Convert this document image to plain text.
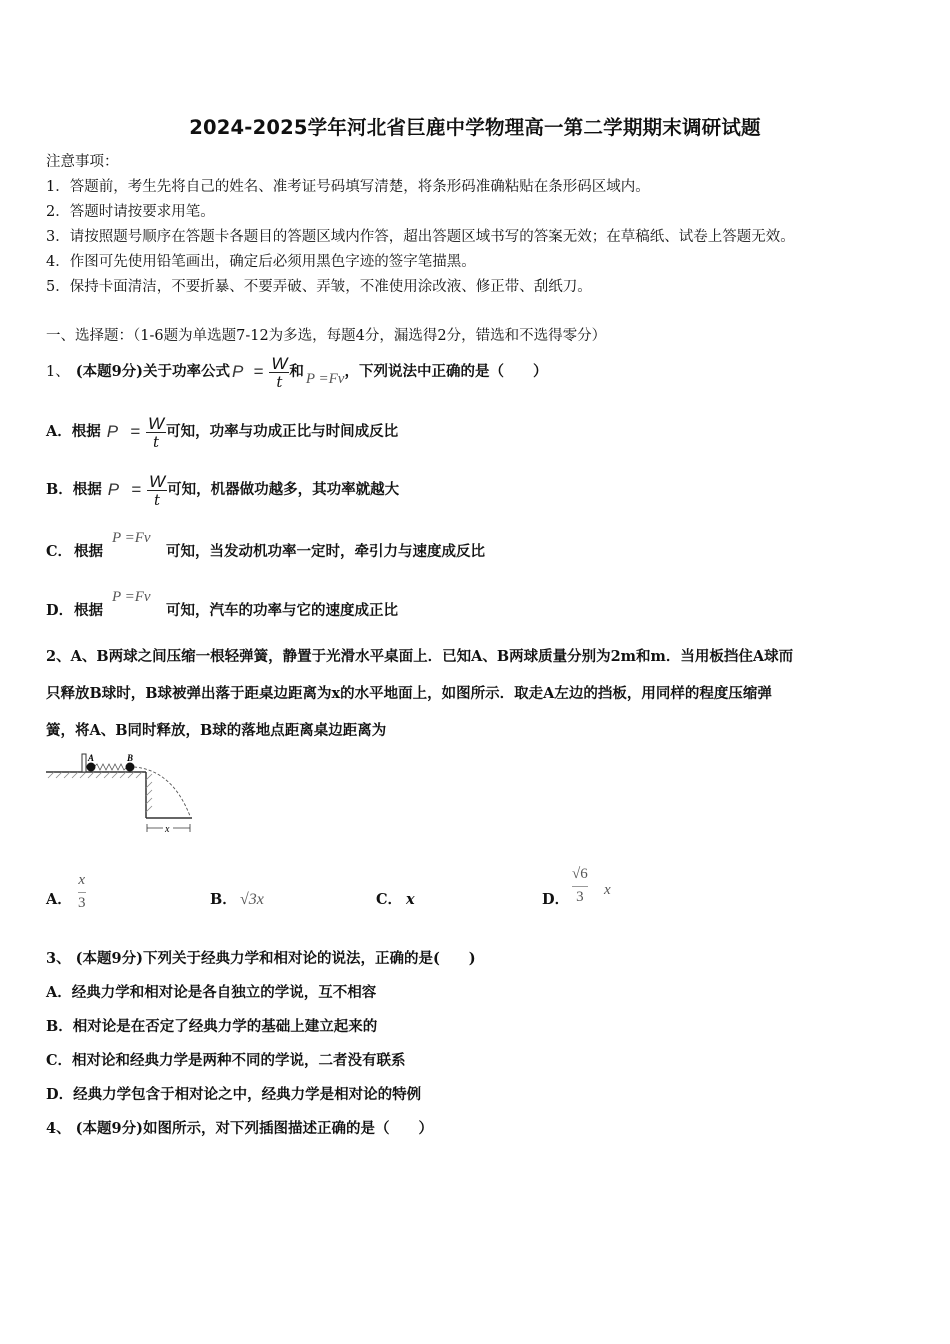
2024-2025学年河北省巨鹿中学物理高一第二学期期末调研试题
注意事项：
1．答题前，考生先将自己的姓名、准考证号码填写清楚，将条形码准确粘贴在条形码区域内。
2．答题时请按要求用笔。
3．请按照题号顺序在答题卡各题目的答题区域内作答，超出答题区域书写的答案无效；在草稿纸、试卷上答题无效。
4．作图可先使用铅笔画出，确定后必须用黑色字迹的签字笔描黑。
5．保持卡面清洁，不要折暴、不要弄破、弄皱，不准使用涂改液、修正带、刮纸刀。
一、选择题：（1-6题为单选题7-12为多选，每题4分，漏选得2分，错选和不选得零分）
1、 (本题9分) 关于功率公式 $P = \frac{W}{t}$ 和 P =Fv ，下列说法中正确的是（　　）
A． 根据 $P = \frac{W}{t}$ 可知，功率与功成正比与时间成反比
B． 根据 $P = \frac{W}{t}$ 可知，机器做功越多，其功率就越大
C． 根据
P =Fv
可知，当发动机功率一定时，牵引力与速度成反比
D． 根据
P =Fv
可知，汽车的功率与它的速度成正比
2、A、B两球之间压缩一根轻弹簧，静置于光滑水平桌面上．已知A、B两球质量分别为2m和m．当用板挡住A球而
只释放B球时，B球被弹出落于距桌边距离为x的水平地面上，如图所示．取走A左边的挡板，用同样的程度压缩弹
簧，将A、B同时释放，B球的落地点距离桌边距离为
A	B
x
A． $\frac{x}{3}$	B． √3x	C． x	D． $\frac{√6}{3}$ x
3、 (本题9分)下列关于经典力学和相对论的说法，正确的是(　　)
A．经典力学和相对论是各自独立的学说，互不相容
B．相对论是在否定了经典力学的基础上建立起来的
C．相对论和经典力学是两种不同的学说，二者没有联系
D．经典力学包含于相对论之中，经典力学是相对论的特例
4、 (本题9分)如图所示，对下列插图描述正确的是（　　）
